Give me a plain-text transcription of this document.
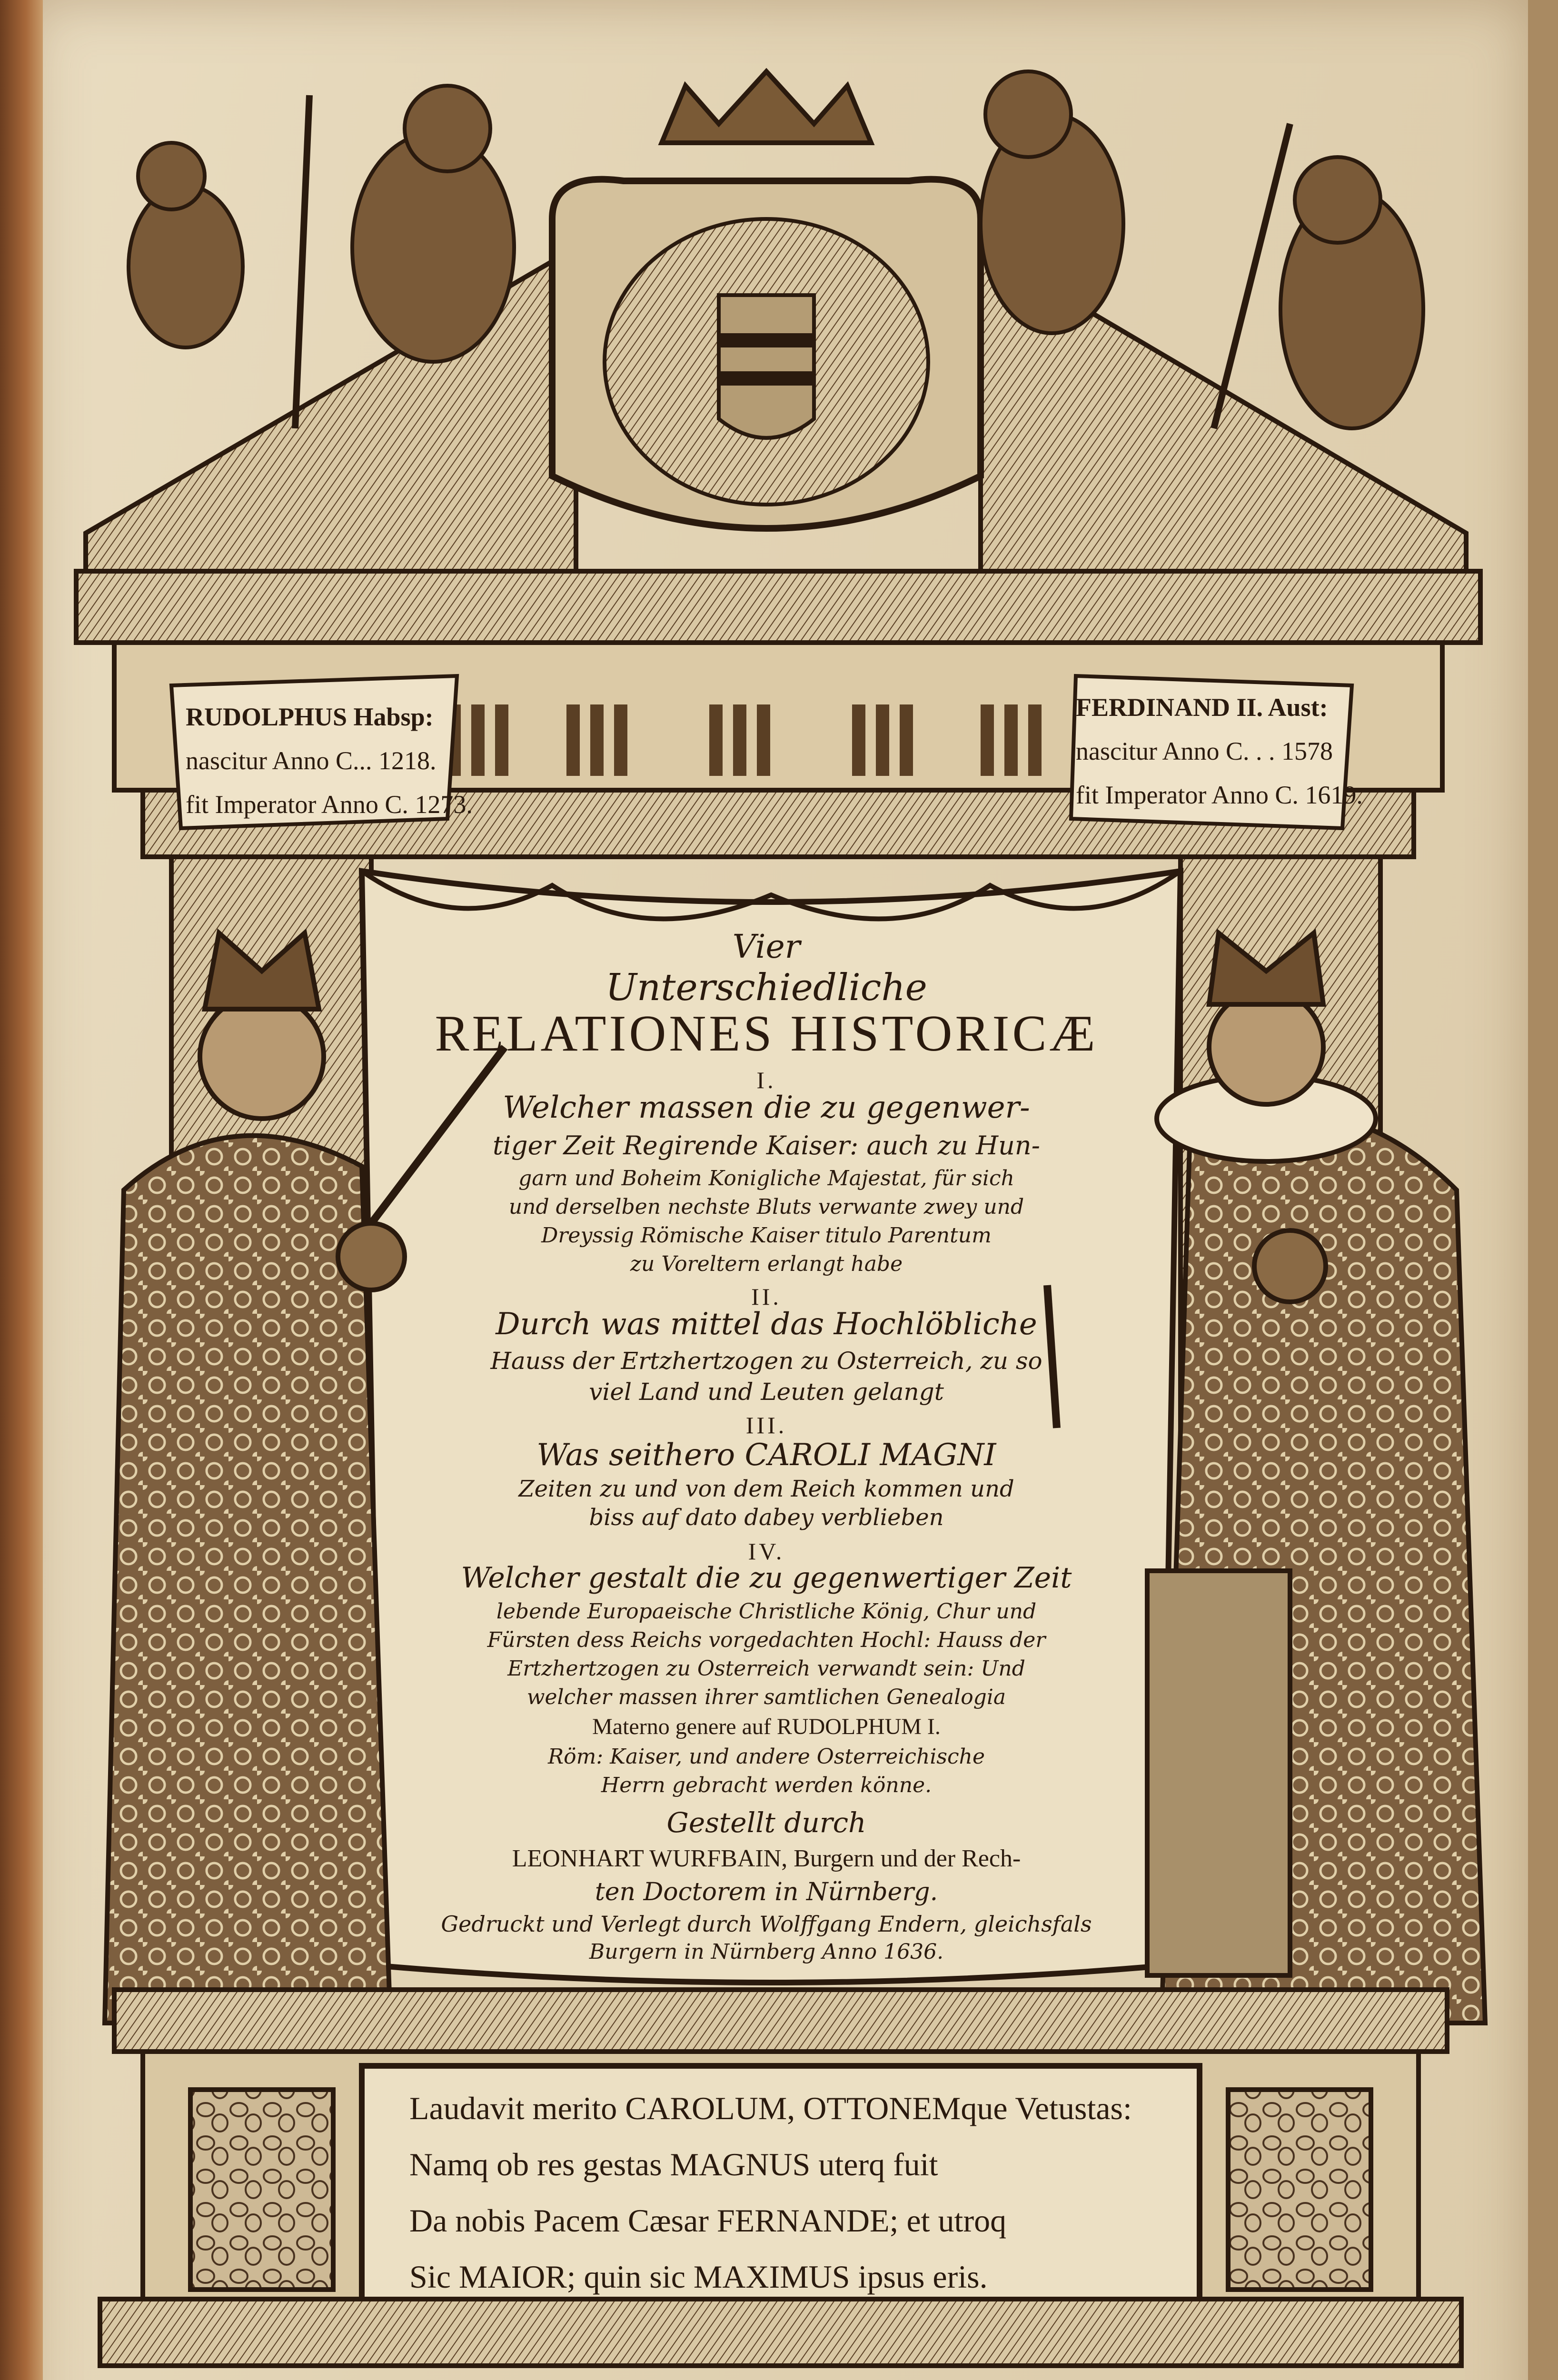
RUDOLPHUS Habsp:
nascitur Anno C... 1218.
fit Imperator Anno C. 1273.
FERDINAND II. Aust:
nascitur Anno C. . . 1578
fit Imperator Anno C. 1619.
Vier
Unterschiedliche
RELATIONES HISTORICÆ
I.
Welcher massen die zu gegenwer-
tiger Zeit Regirende Kaiser: auch zu Hun-
garn und Boheim Konigliche Majestat, für sich
und derselben nechste Bluts verwante zwey und
Dreyssig Römische Kaiser titulo Parentum
zu Voreltern erlangt habe
II.
Durch was mittel das Hochlöbliche
Hauss der Ertzhertzogen zu Osterreich, zu so
viel Land und Leuten gelangt
III.
Was seithero CAROLI MAGNI
Zeiten zu und von dem Reich kommen und
biss auf dato dabey verblieben
IV.
Welcher gestalt die zu gegenwertiger Zeit
lebende Europaeische Christliche König, Chur und
Fürsten dess Reichs vorgedachten Hochl: Hauss der
Ertzhertzogen zu Osterreich verwandt sein: Und
welcher massen ihrer samtlichen Genealogia
Materno genere auf RUDOLPHUM I.
Röm: Kaiser, und andere Osterreichische
Herrn gebracht werden könne.
Gestellt durch
LEONHART WURFBAIN, Burgern und der Rech-
ten Doctorem in Nürnberg.
Gedruckt und Verlegt durch Wolffgang Endern, gleichsfals
Burgern in Nürnberg Anno 1636.
Laudavit merito CAROLUM, OTTONEMque Vetustas:
Namq ob res gestas MAGNUS uterq fuit
Da nobis Pacem Cæsar FERNANDE; et utroq
Sic MAIOR; quin sic MAXIMUS ipsus eris.
